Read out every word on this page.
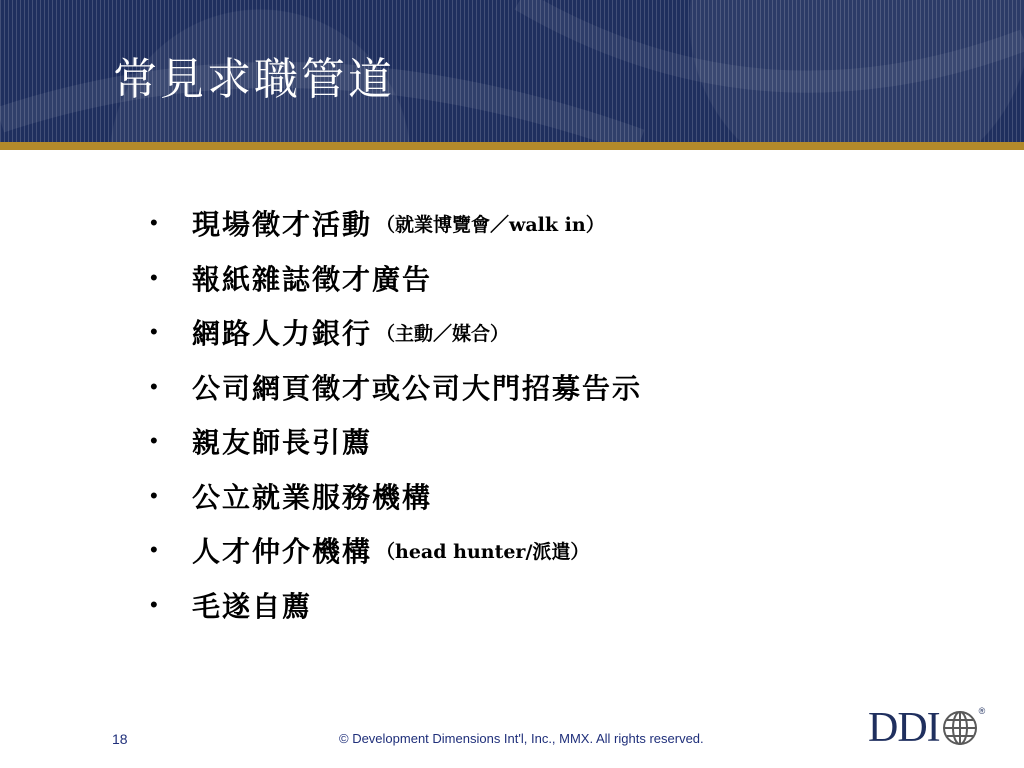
常見求職管道
•	現場徵才活動 （就業博覽會／walk in）
•	報紙雜誌徵才廣告
•	網路人力銀行 （主動／媒合）
•	公司網頁徵才或公司大門招募告示
•	親友師長引薦
•	公立就業服務機構
•	人才仲介機構 （head hunter/派遣）
•	毛遂自薦
18	© Development Dimensions Int'l, Inc., MMX. All rights reserved.	DDI	®
